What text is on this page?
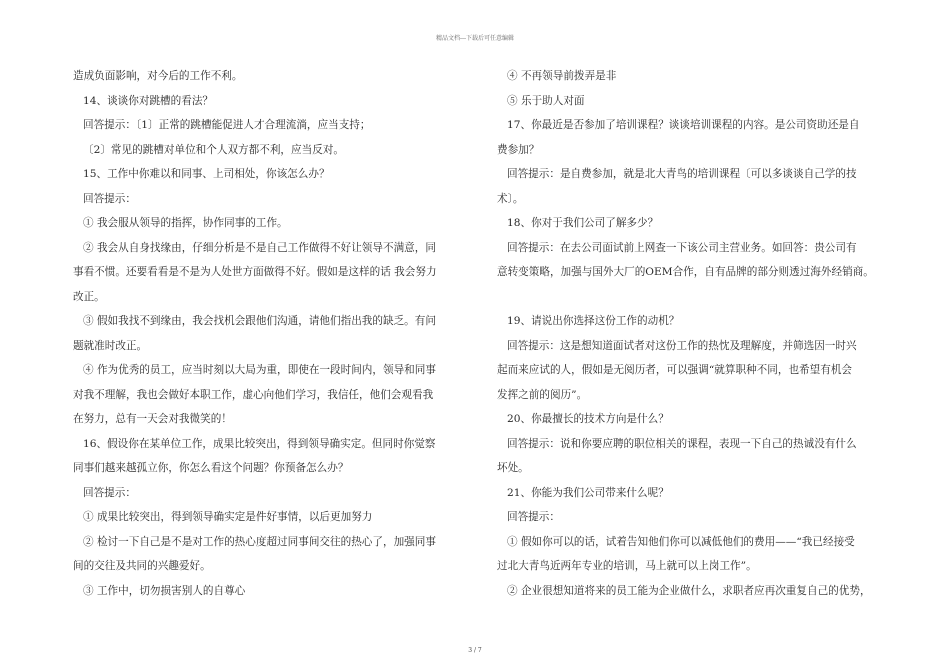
精品文档---下载后可任意编辑
造成负面影响，对今后的工作不利。
14、谈谈你对跳槽的看法？
回答提示：〔1〕正常的跳槽能促进人才合理流淌，应当支持；
〔2〕常见的跳槽对单位和个人双方都不利，应当反对。
15、工作中你难以和同事、上司相处，你该怎么办？
回答提示：
① 我会服从领导的指挥，协作同事的工作。
② 我会从自身找缘由，仔细分析是不是自己工作做得不好让领导不满意，同
事看不惯。还要看看是不是为人处世方面做得不好。假如是这样的话 我会努力
改正。
③ 假如我找不到缘由，我会找机会跟他们沟通，请他们指出我的缺乏。有问
题就准时改正。
④ 作为优秀的员工，应当时刻以大局为重，即使在一段时间内，领导和同事
对我不理解，我也会做好本职工作，虚心向他们学习，我信任，他们会观看我
在努力，总有一天会对我微笑的！
16、假设你在某单位工作，成果比较突出，得到领导确实定。但同时你觉察
同事们越来越孤立你，你怎么看这个问题？你预备怎么办？
回答提示：
① 成果比较突出，得到领导确实定是件好事情，以后更加努力
② 检讨一下自己是不是对工作的热心度超过同事间交往的热心了，加强同事
间的交往及共同的兴趣爱好。
③ 工作中，切勿损害别人的自尊心
④ 不再领导前拨弄是非
⑤ 乐于助人对面
17、你最近是否参加了培训课程？谈谈培训课程的内容。是公司资助还是自
费参加？
回答提示：是自费参加，就是北大青鸟的培训课程〔可以多谈谈自己学的技
术〕。
18、你对于我们公司了解多少？
回答提示：在去公司面试前上网查一下该公司主营业务。如回答：贵公司有
意转变策略，加强与国外大厂的OEM合作，自有品牌的部分则透过海外经销商。
19、请说出你选择这份工作的动机？
回答提示：这是想知道面试者对这份工作的热忱及理解度，并筛选因一时兴
起而来应试的人，假如是无阅历者，可以强调“就算职种不同，也希望有机会
发挥之前的阅历”。
20、你最擅长的技术方向是什么？
回答提示：说和你要应聘的职位相关的课程，表现一下自己的热诚没有什么
坏处。
21、你能为我们公司带来什么呢？
回答提示：
① 假如你可以的话，试着告知他们你可以减低他们的费用——“我已经接受
过北大青鸟近两年专业的培训，马上就可以上岗工作”。
② 企业很想知道将来的员工能为企业做什么，求职者应再次重复自己的优势，
3 / 7
